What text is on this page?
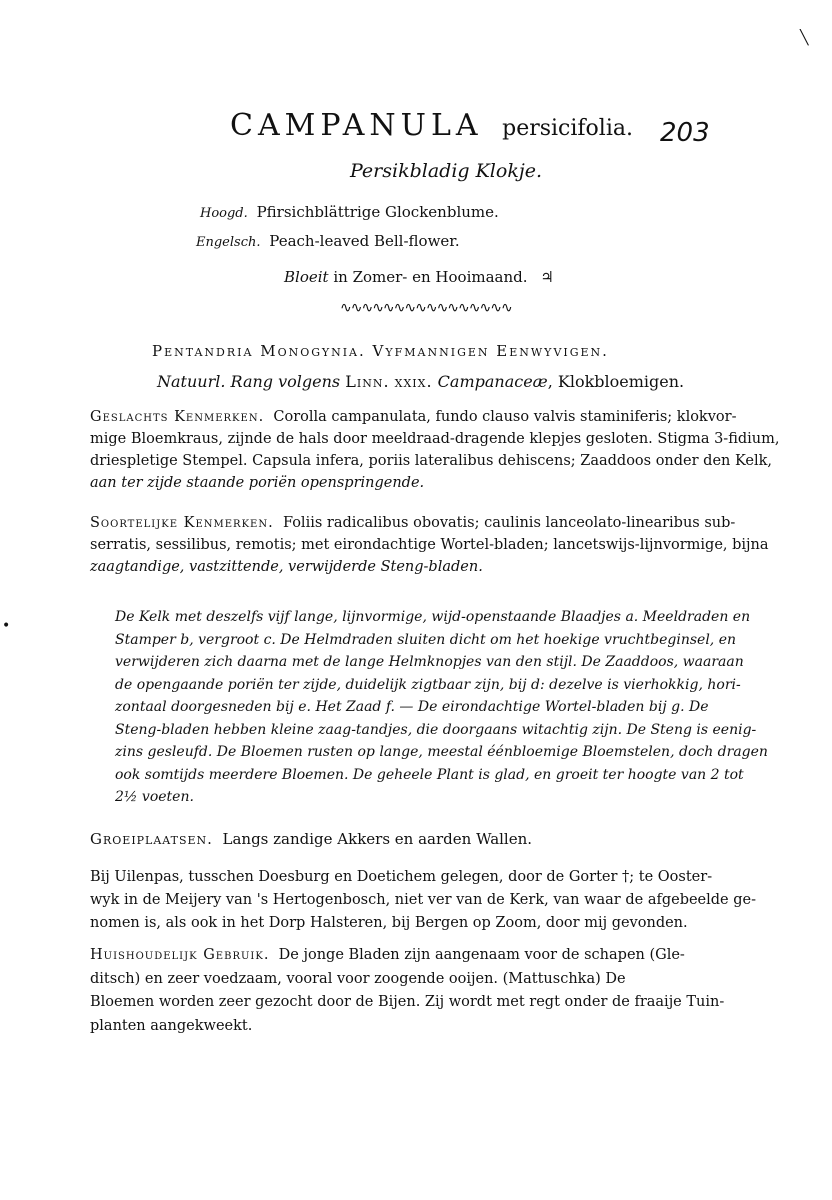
╲
CAMPANULA persicifolia. 203
Persikbladig Klokje.
Hoogd. Pfirsichblättrige Glockenblume.
Engelsch. Peach-leaved Bell-flower.
Bloeit in Zomer- en Hooimaand. ♃
∿∿∿∿∿∿∿∿∿∿∿∿∿∿∿∿
Pentandria Monogynia. Vyfmannigen Eenwyvigen.
Natuurl. Rang volgens Linn. xxix. Campanaceæ, Klokbloemigen.

Geslachts Kenmerken. Corolla campanulata, fundo clauso valvis staminiferis; klokvor-

mige Bloemkraus, zijnde de hals door meeldraad-dragende klepjes gesloten. Stigma 3-fidium,

driespletige Stempel. Capsula infera, poriis lateralibus dehiscens; Zaaddoos onder den Kelk,

aan ter zijde staande poriën openspringende.

Soortelijke Kenmerken. Foliis radicalibus obovatis; caulinis lanceolato-linearibus sub-

serratis, sessilibus, remotis; met eirondachtige Wortel-bladen; lancetswijs-lijnvormige, bijna

zaagtandige, vastzittende, verwijderde Steng-bladen.

•

De Kelk met deszelfs vijf lange, lijnvormige, wijd-openstaande Blaadjes a. Meeldraden en

Stamper b, vergroot c. De Helmdraden sluiten dicht om het hoekige vruchtbeginsel, en

verwijderen zich daarna met de lange Helmknopjes van den stijl. De Zaaddoos, waaraan

de opengaande poriën ter zijde, duidelijk zigtbaar zijn, bij d: dezelve is vierhokkig, hori-

zontaal doorgesneden bij e. Het Zaad f. — De eirondachtige Wortel-bladen bij g. De

Steng-bladen hebben kleine zaag-tandjes, die doorgaans witachtig zijn. De Steng is eenig-

zins gesleufd. De Bloemen rusten op lange, meestal éénbloemige Bloemstelen, doch dragen

ook somtijds meerdere Bloemen. De geheele Plant is glad, en groeit ter hoogte van 2 tot

2½ voeten.

Groeiplaatsen. Langs zandige Akkers en aarden Wallen.

Bij Uilenpas, tusschen Doesburg en Doetichem gelegen, door de Gorter †; te Ooster-

wyk in de Meijery van 's Hertogenbosch, niet ver van de Kerk, van waar de afgebeelde ge-

nomen is, als ook in het Dorp Halsteren, bij Bergen op Zoom, door mij gevonden.

Huishoudelijk Gebruik. De jonge Bladen zijn aangenaam voor de schapen (Gle-

ditsch) en zeer voedzaam, vooral voor zoogende ooijen. (Mattuschka) De

Bloemen worden zeer gezocht door de Bijen. Zij wordt met regt onder de fraaije Tuin-

planten aangekweekt.
